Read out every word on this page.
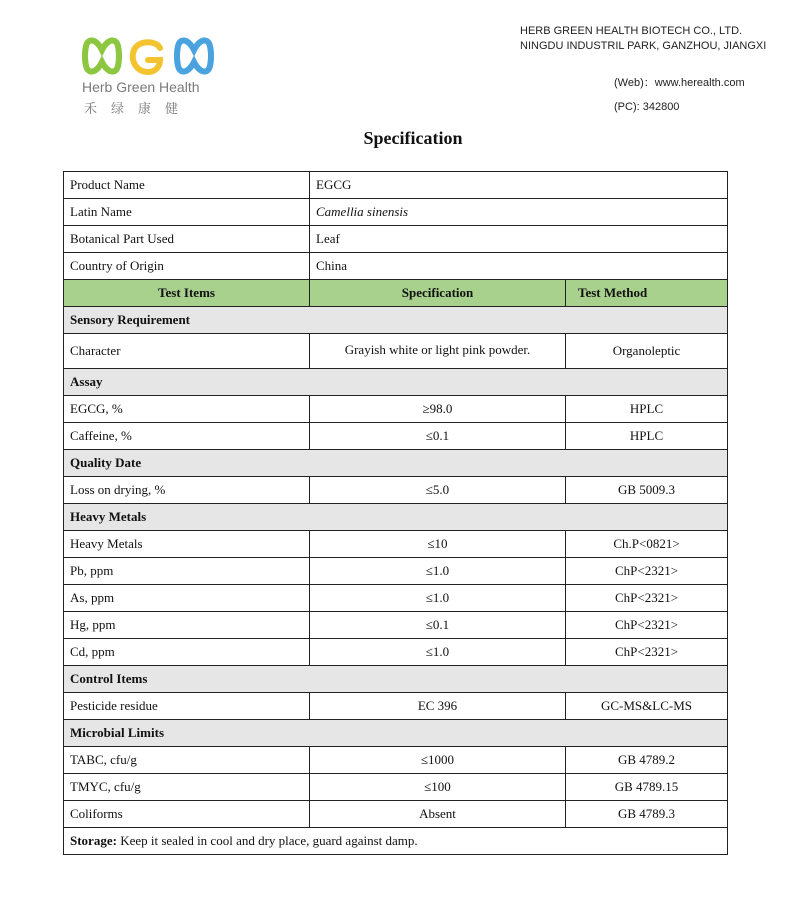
Herb Green Health
禾绿康健
HERB GREEN HEALTH BIOTECH CO., LTD.
NINGDU INDUSTRIL PARK, GANZHOU, JIANGXI
(Web)：www.herealth.com
(PC): 342800
Specification
Product Name	EGCG	
Latin Name	Camellia sinensis	
Botanical Part Used	Leaf	
Country of Origin	China	
Test Items	Specification	Test Method
Sensory Requirement		
Character	Grayish white or light pink powder.	Organoleptic
Assay		
EGCG, %	≥98.0	HPLC
Caffeine, %	≤0.1	HPLC
Quality Date		
Loss on drying, %	≤5.0	GB 5009.3
Heavy Metals		
Heavy Metals	≤10	Ch.P<0821>
Pb, ppm	≤1.0	ChP<2321>
As, ppm	≤1.0	ChP<2321>
Hg, ppm	≤0.1	ChP<2321>
Cd, ppm	≤1.0	ChP<2321>
Control Items		
Pesticide residue	EC 396	GC-MS&LC-MS
Microbial Limits		
TABC, cfu/g	≤1000	GB 4789.2
TMYC, cfu/g	≤100	GB 4789.15
Coliforms	Absent	GB 4789.3
Storage: Keep it sealed in cool and dry place, guard against damp.		
